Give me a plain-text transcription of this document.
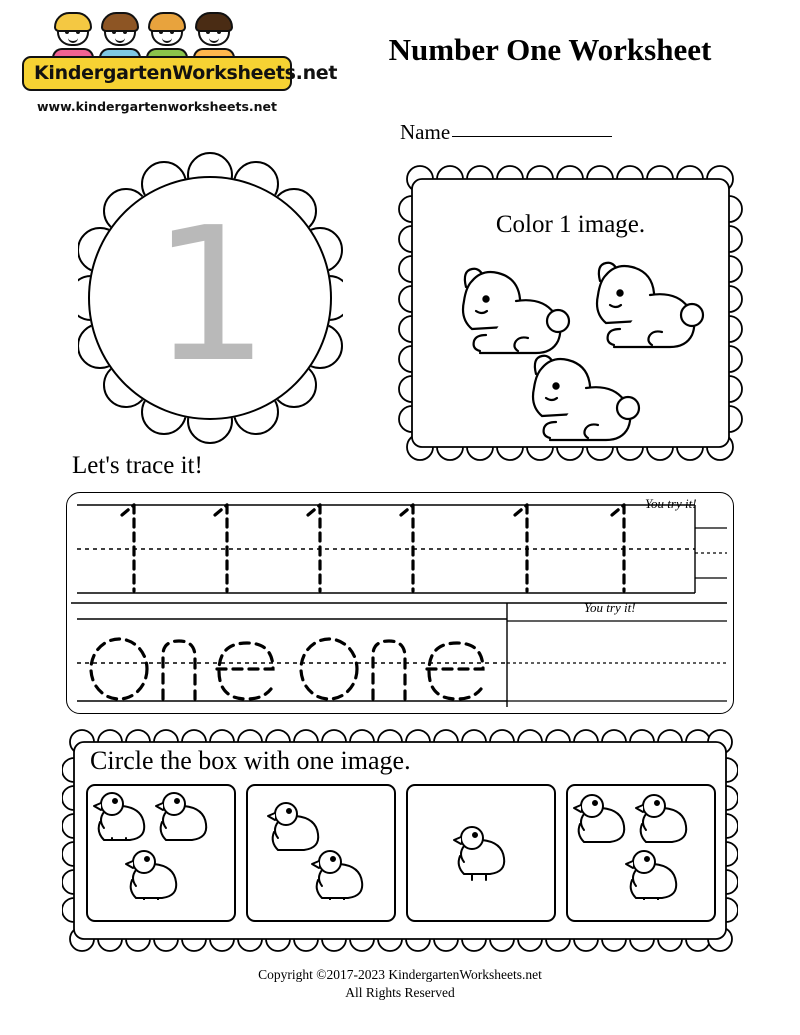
KindergartenWorksheets.net
www.kindergartenworksheets.net
Number One Worksheet
Name
1	Color 1 image.
Let's trace it!
You try it!
You try it!
Circle the box with one image.
Copyright ©2017-2023 KindergartenWorksheets.net
All Rights Reserved
